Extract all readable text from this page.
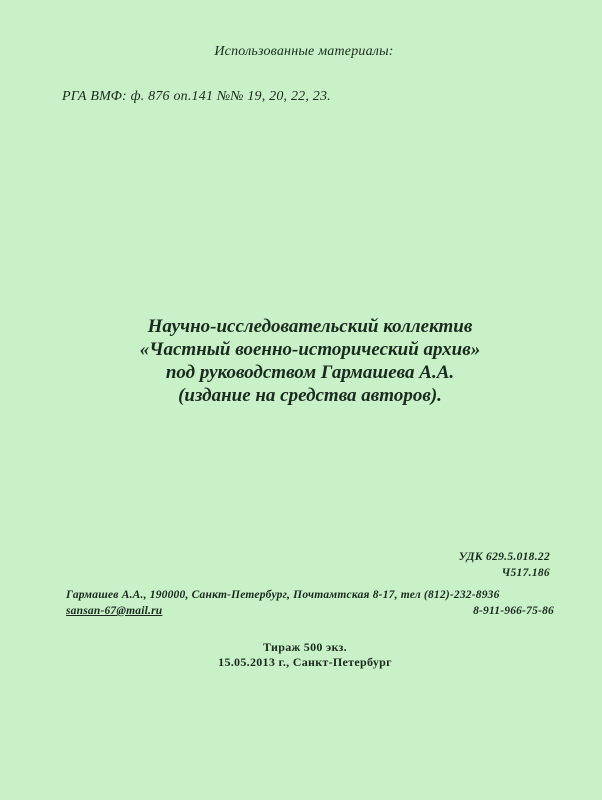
Использованные материалы:
РГА ВМФ: ф. 876 оп.141 №№ 19, 20, 22, 23.
Научно-исследовательский коллектив
«Частный военно-исторический архив»
под руководством Гармашева А.А.
(издание на средства авторов).
УДК 629.5.018.22
Ч517.186
Гармашев А.А., 190000, Санкт-Петербург, Почтамтская 8-17, тел (812)-232-8936
sansan-67@mail.ru	8-911-966-75-86
Тираж 500 экз.
15.05.2013 г., Санкт-Петербург
